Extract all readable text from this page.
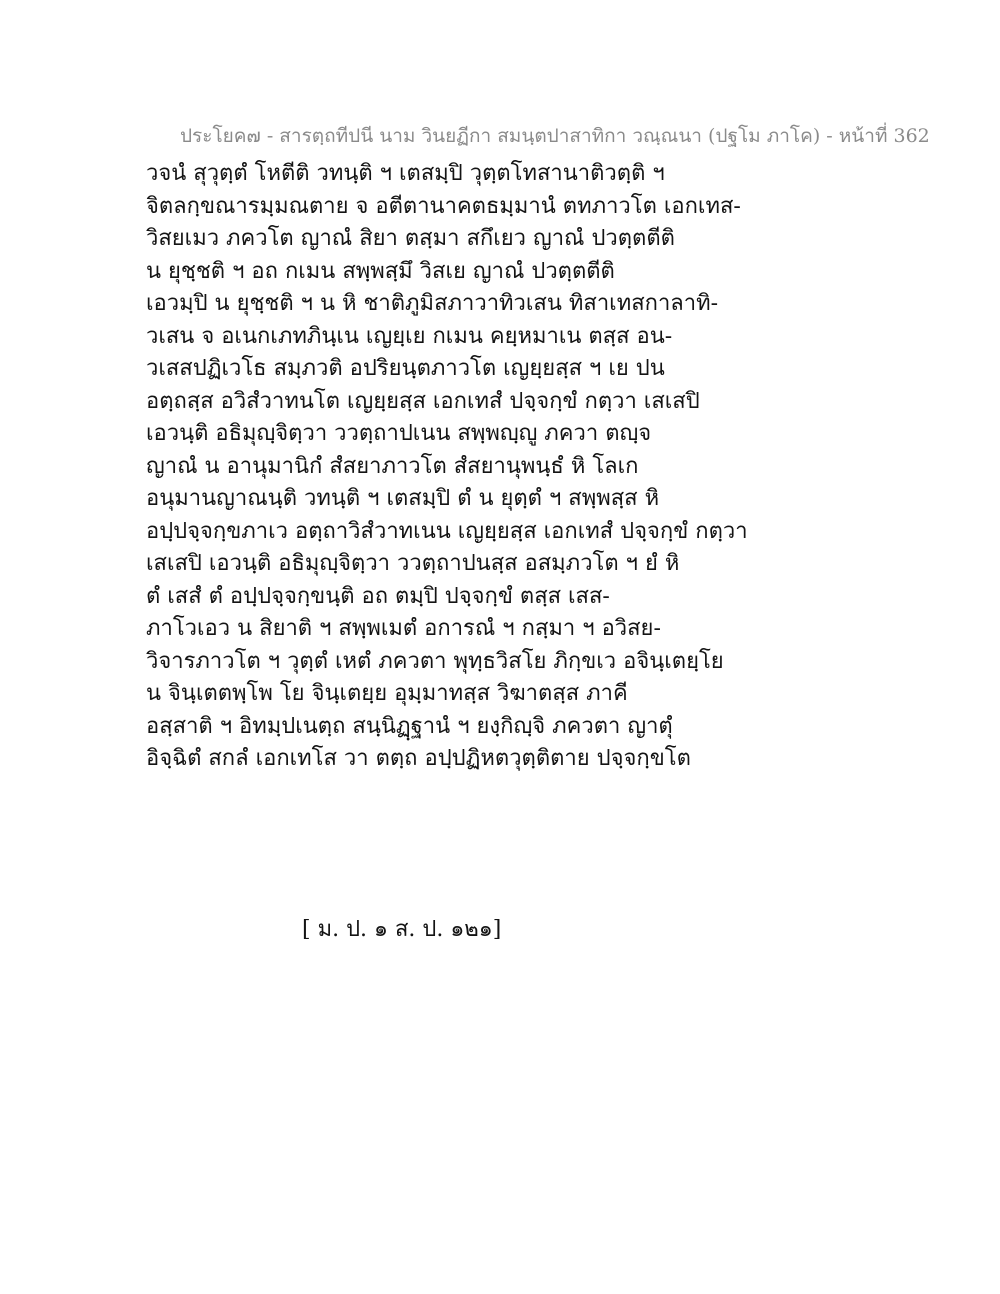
ประโยค๗ - สารตฺถทีปนี นาม วินยฏีกา สมนฺตปาสาทิกา วณฺณนา (ปฐโม ภาโค) - หน้าที่ 362
วจนํ สุวุตฺตํ โหตีติ วทนฺติ ฯ เตสมฺปิ วุตฺตโทสานาติวตฺติ ฯ
จิตลกฺขณารมฺมณตาย จ อตีตานาคตธมฺมานํ ตทภาวโต เอกเทส-
วิสยเมว ภควโต ญาณํ สิยา ตสฺมา สกึเยว ญาณํ ปวตฺตตีติ
น ยุชฺชติ ฯ อถ กเมน สพฺพสฺมึ วิสเย ญาณํ ปวตฺตตีติ
เอวมฺปิ น ยุชฺชติ ฯ น หิ ชาติภูมิสภาวาทิวเสน ทิสาเทสกาลาทิ-
วเสน จ อเนกเภทภินฺเน เญยฺเย กเมน คยฺหมาเน ตสฺส อน-
วเสสปฏิเวโธ สมฺภวติ อปริยนฺตภาวโต เญยฺยสฺส ฯ เย ปน
อตฺถสฺส อวิสํวาทนโต เญยฺยสฺส เอกเทสํ ปจฺจกฺขํ กตฺวา เสเสปิ
เอวนฺติ อธิมุญฺจิตฺวา ววตฺถาปเนน สพฺพญฺญู ภควา ตญฺจ
ญาณํ น อานุมานิกํ สํสยาภาวโต สํสยานุพนฺธํ หิ โลเก
อนุมานญาณนฺติ วทนฺติ ฯ เตสมฺปิ ตํ น ยุตฺตํ ฯ สพฺพสฺส หิ
อปฺปจฺจกฺขภาเว อตฺถาวิสํวาทเนน เญยฺยสฺส เอกเทสํ ปจฺจกฺขํ กตฺวา
เสเสปิ เอวนฺติ อธิมุญฺจิตฺวา ววตฺถาปนสฺส อสมฺภวโต ฯ ยํ หิ
ตํ เสสํ ตํ อปฺปจฺจกฺขนฺติ อถ ตมฺปิ ปจฺจกฺขํ ตสฺส เสส-
ภาโวเอว น สิยาติ ฯ สพฺพเมตํ อการณํ ฯ กสฺมา ฯ อวิสย-
วิจารภาวโต ฯ วุตฺตํ เหตํ ภควตา พุทฺธวิสโย ภิกฺขเว อจินฺเตยฺโย
น จินฺเตตพฺโพ โย จินฺเตยฺย อุมฺมาทสฺส วิฆาตสฺส ภาคี
อสฺสาติ ฯ อิทมฺปเนตฺถ สนฺนิฏฺฐานํ ฯ ยงฺกิญฺจิ ภควตา ญาตุํ
อิจฺฉิตํ สกลํ เอกเทโส วา ตตฺถ อปฺปฏิหตวุตฺติตาย ปจฺจกฺขโต
[ ม. ป. ๑ ส. ป. ๑๒๑]
